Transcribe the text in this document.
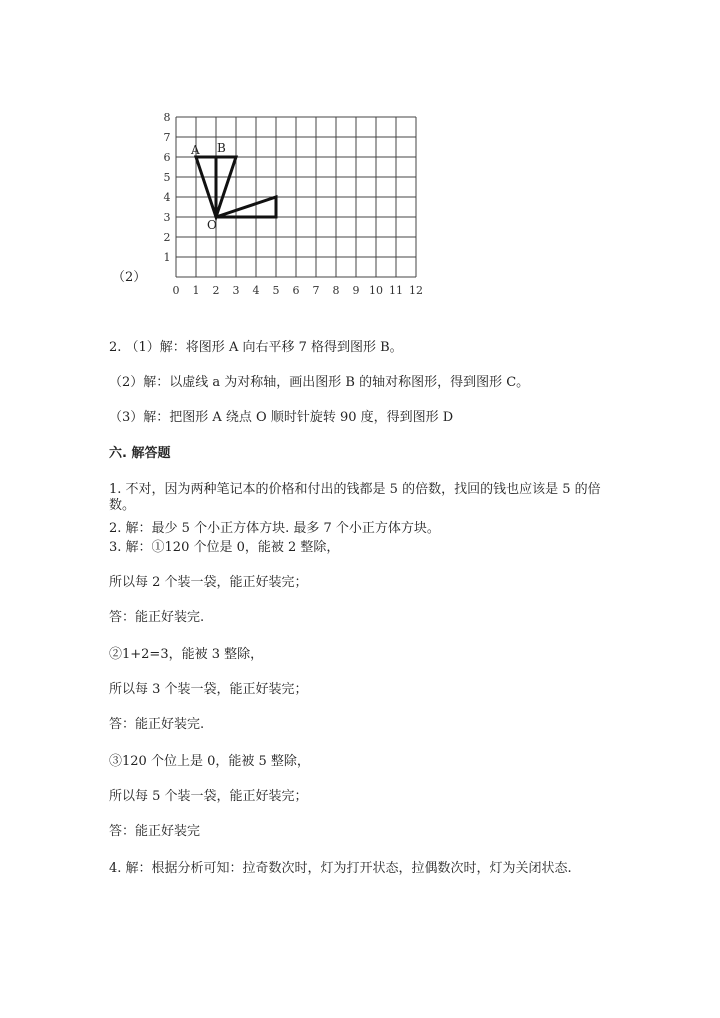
（2）
0 1 2 3 4 5 6 7 8 9 10 11 12
1
2
3
4
5
6
7
8
A B
O
2. （1）解：将图形 A 向右平移 7 格得到图形 B。
（2）解：以虚线 a 为对称轴，画出图形 B 的轴对称图形，得到图形 C。
（3）解：把图形 A 绕点 O 顺时针旋转 90 度，得到图形 D
六. 解答题
1. 不对，因为两种笔记本的价格和付出的钱都是 5 的倍数，找回的钱也应该是 5 的倍数。
2. 解：最少 5 个小正方体方块. 最多 7 个小正方体方块。
3. 解：①120 个位是 0，能被 2 整除，
所以每 2 个装一袋，能正好装完；
答：能正好装完.
②1+2=3，能被 3 整除，
所以每 3 个装一袋，能正好装完；
答：能正好装完.
③120 个位上是 0，能被 5 整除，
所以每 5 个装一袋，能正好装完；
答：能正好装完
4. 解：根据分析可知：拉奇数次时，灯为打开状态，拉偶数次时，灯为关闭状态.
